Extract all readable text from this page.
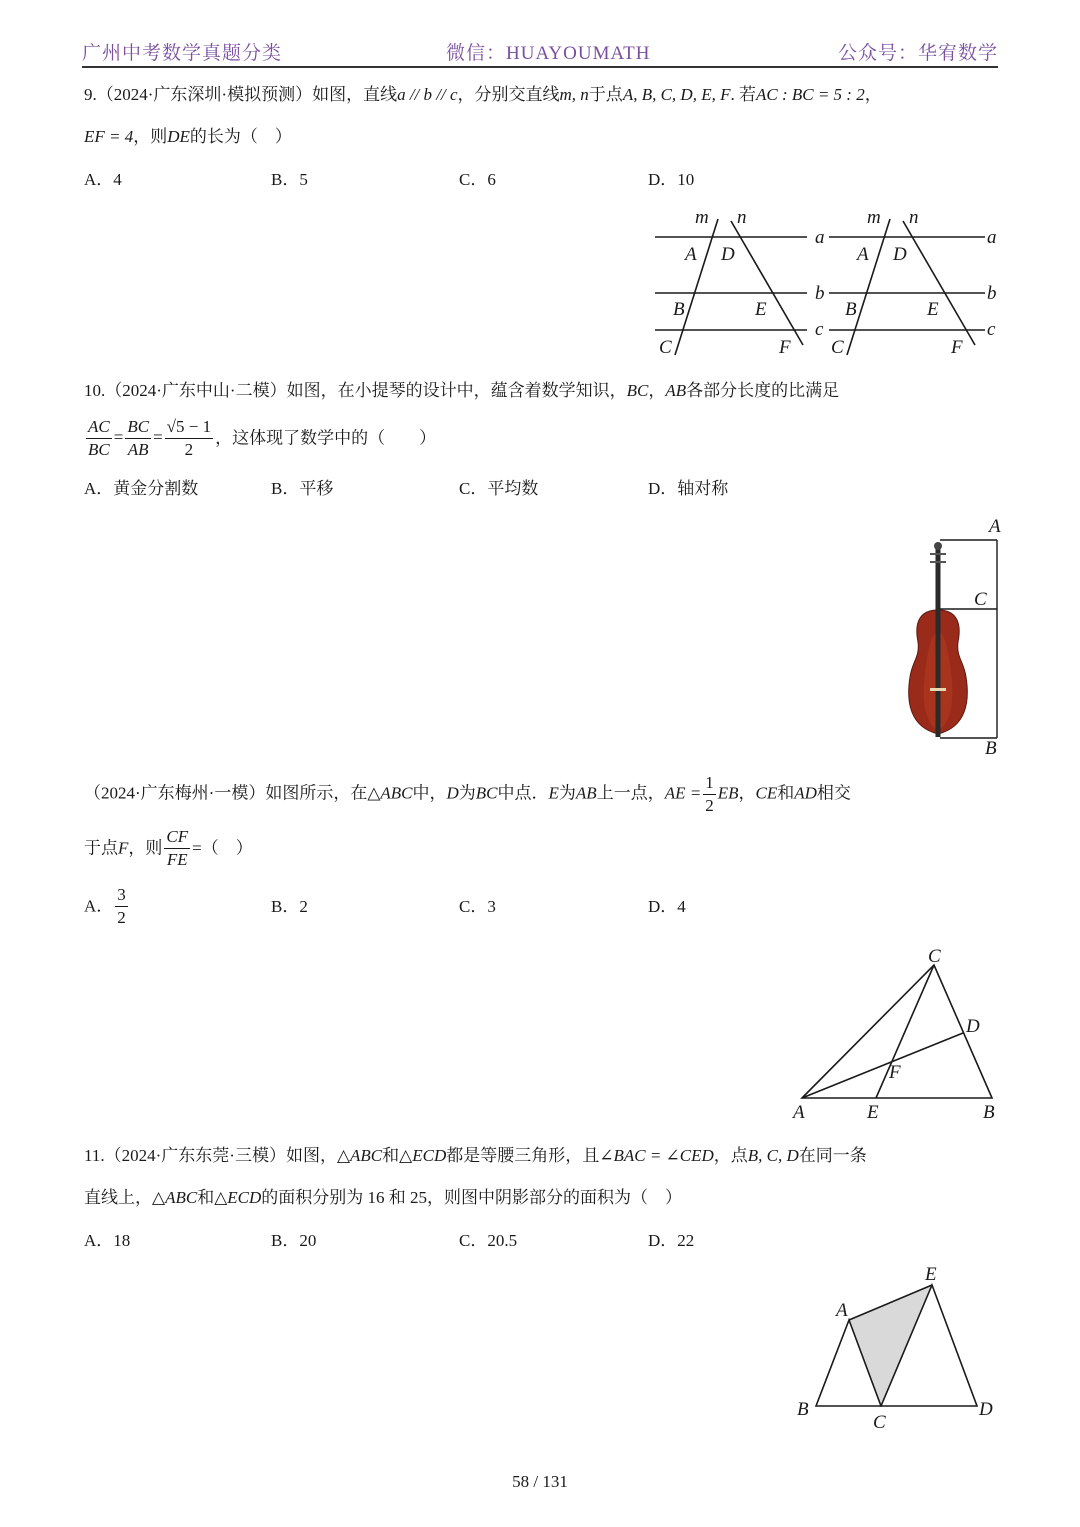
广州中考数学真题分类	微信：HUAYOUMATH	公众号：华宥数学
9.（2024·广东深圳·模拟预测）如图，直线a // b // c，分别交直线m, n于点A, B, C, D, E, F. 若AC : BC = 5 : 2，
EF = 4，则DE的长为（　）
A．4	B．5	C．6	D．10
m n
a
b
c
A D
B	E
C	F
m n
a
b
c
A D
B	E
C	F
10.（2024·广东中山·二模）如图，在小提琴的设计中，蕴含着数学知识，BC，AB各部分长度的比满足
$\frac{AC}{BC} = \frac{BC}{AB} = \frac{√5 - 1}{2}$ ，这体现了数学中的（　　）
A．黄金分割数	B．平移	C．平均数	D．轴对称
A
C
B
（2024·广东梅州·一模）如图所示，在△ABC中，D为BC中点．E为AB上一点，AE = $\frac{1}{2}$ EB，CE和AD相交
于点F，则 $\frac{CF}{FE}$ =（　）
A． $\frac{3}{2}$	B．2	C．3	D．4
C
D
F
A	E	B
11.（2024·广东东莞·三模）如图，△ABC和△ECD都是等腰三角形，且∠BAC = ∠CED，点B, C, D在同一条
直线上，△ABC和△ECD的面积分别为 16 和 25，则图中阴影部分的面积为（　）
A．18	B．20	C．20.5	D．22
E
A
B
C
D
58 / 131
